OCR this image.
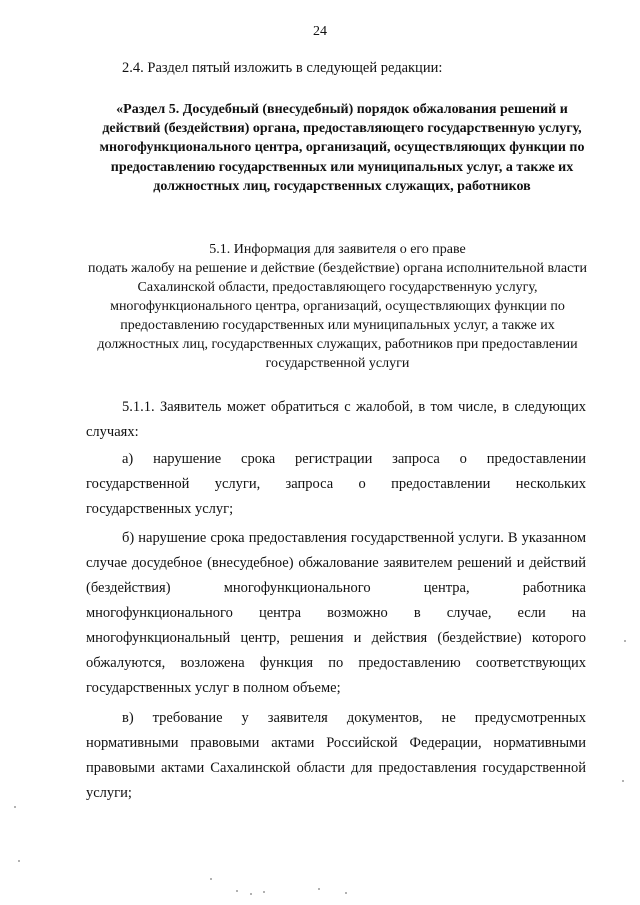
24
2.4. Раздел пятый изложить в следующей редакции:
«Раздел 5. Досудебный (внесудебный) порядок обжалования решений и действий (бездействия) органа, предоставляющего государственную услугу, многофункционального центра, организаций, осуществляющих функции по предоставлению государственных или муниципальных услуг, а также их должностных лиц, государственных служащих, работников
5.1. Информация для заявителя о его праве
подать жалобу на решение и действие (бездействие) органа исполнительной власти Сахалинской области, предоставляющего государственную услугу, многофункционального центра, организаций, осуществляющих функции по предоставлению государственных или муниципальных услуг, а также их должностных лиц, государственных служащих, работников при предоставлении государственной услуги
5.1.1. Заявитель может обратиться с жалобой, в том числе, в следующих случаях:
а) нарушение срока регистрации запроса о предоставлении государственной услуги, запроса о предоставлении нескольких государственных услуг;
б) нарушение срока предоставления государственной услуги. В указанном случае досудебное (внесудебное) обжалование заявителем решений и действий (бездействия) многофункционального центра, работника многофункционального центра возможно в случае, если на многофункциональный центр, решения и действия (бездействие) которого обжалуются, возложена функция по предоставлению соответствующих государственных услуг в полном объеме;
в) требование у заявителя документов, не предусмотренных нормативными правовыми актами Российской Федерации, нормативными правовыми актами Сахалинской области для предоставления государственной услуги;
